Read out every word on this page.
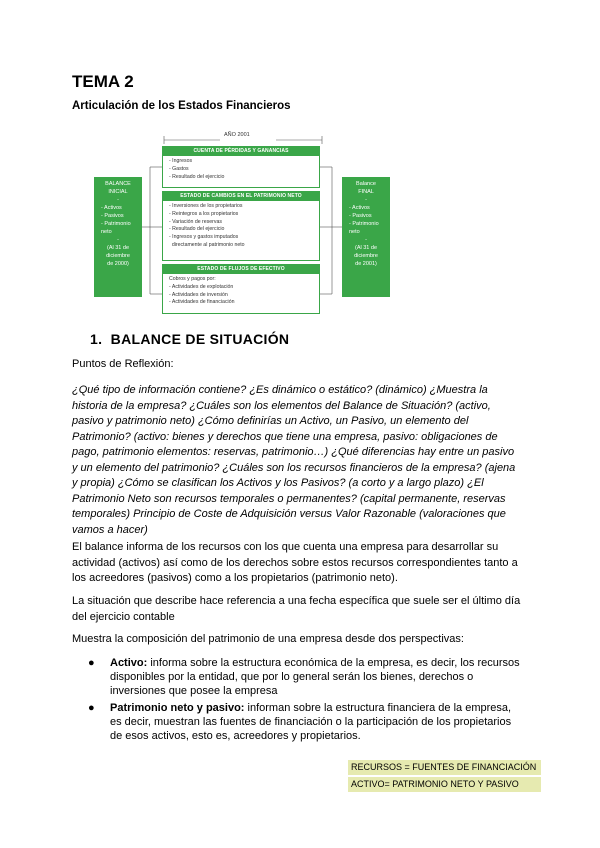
TEMA 2
Articulación de los Estados Financieros
AÑO 2001
BALANCE
INICIAL
-
- Activos
- Pasivos
- Patrimonio
neto
-
(Al 31 de
diciembre
de 2000)
CUENTA DE PÉRDIDAS Y GANANCIAS
- Ingresos
- Gastos
- Resultado del ejercicio
ESTADO DE CAMBIOS EN EL PATRIMONIO NETO
- Inversiones de los propietarios
- Reintegros a los propietarios
- Variación de reservas
- Resultado del ejercicio
- Ingresos y gastos imputados
directamente al patrimonio neto
ESTADO DE FLUJOS DE EFECTIVO
Cobros y pagos por:
- Actividades de explotación
- Actividades de inversión
- Actividades de financiación
Balance
FINAL
-
- Activos
- Pasivos
- Patrimonio
neto
-
(Al 31 de
diciembre
de 2001)
1. BALANCE DE SITUACIÓN
Puntos de Reflexión:
¿Qué tipo de información contiene? ¿Es dinámico o estático? (dinámico) ¿Muestra la
historia de la empresa? ¿Cuáles son los elementos del Balance de Situación? (activo,
pasivo y patrimonio neto) ¿Cómo definirías un Activo, un Pasivo, un elemento del
Patrimonio? (activo: bienes y derechos que tiene una empresa, pasivo: obligaciones de
pago, patrimonio elementos: reservas, patrimonio…) ¿Qué diferencias hay entre un pasivo
y un elemento del patrimonio? ¿Cuáles son los recursos financieros de la empresa? (ajena
y propia) ¿Cómo se clasifican los Activos y los Pasivos? (a corto y a largo plazo) ¿El
Patrimonio Neto son recursos temporales o permanentes? (capital permanente, reservas
temporales) Principio de Coste de Adquisición versus Valor Razonable (valoraciones que
vamos a hacer)
El balance informa de los recursos con los que cuenta una empresa para desarrollar su
actividad (activos) así como de los derechos sobre estos recursos correspondientes tanto a
los acreedores (pasivos) como a los propietarios (patrimonio neto).
La situación que describe hace referencia a una fecha específica que suele ser el último día
del ejercicio contable
Muestra la composición del patrimonio de una empresa desde dos perspectivas:
● Activo: informa sobre la estructura económica de la empresa, es decir, los recursos
disponibles por la entidad, que por lo general serán los bienes, derechos o
inversiones que posee la empresa
● Patrimonio neto y pasivo: informan sobre la estructura financiera de la empresa,
es decir, muestran las fuentes de financiación o la participación de los propietarios
de esos activos, esto es, acreedores y propietarios.
RECURSOS = FUENTES DE FINANCIACIÓN
ACTIVO= PATRIMONIO NETO Y PASIVO
